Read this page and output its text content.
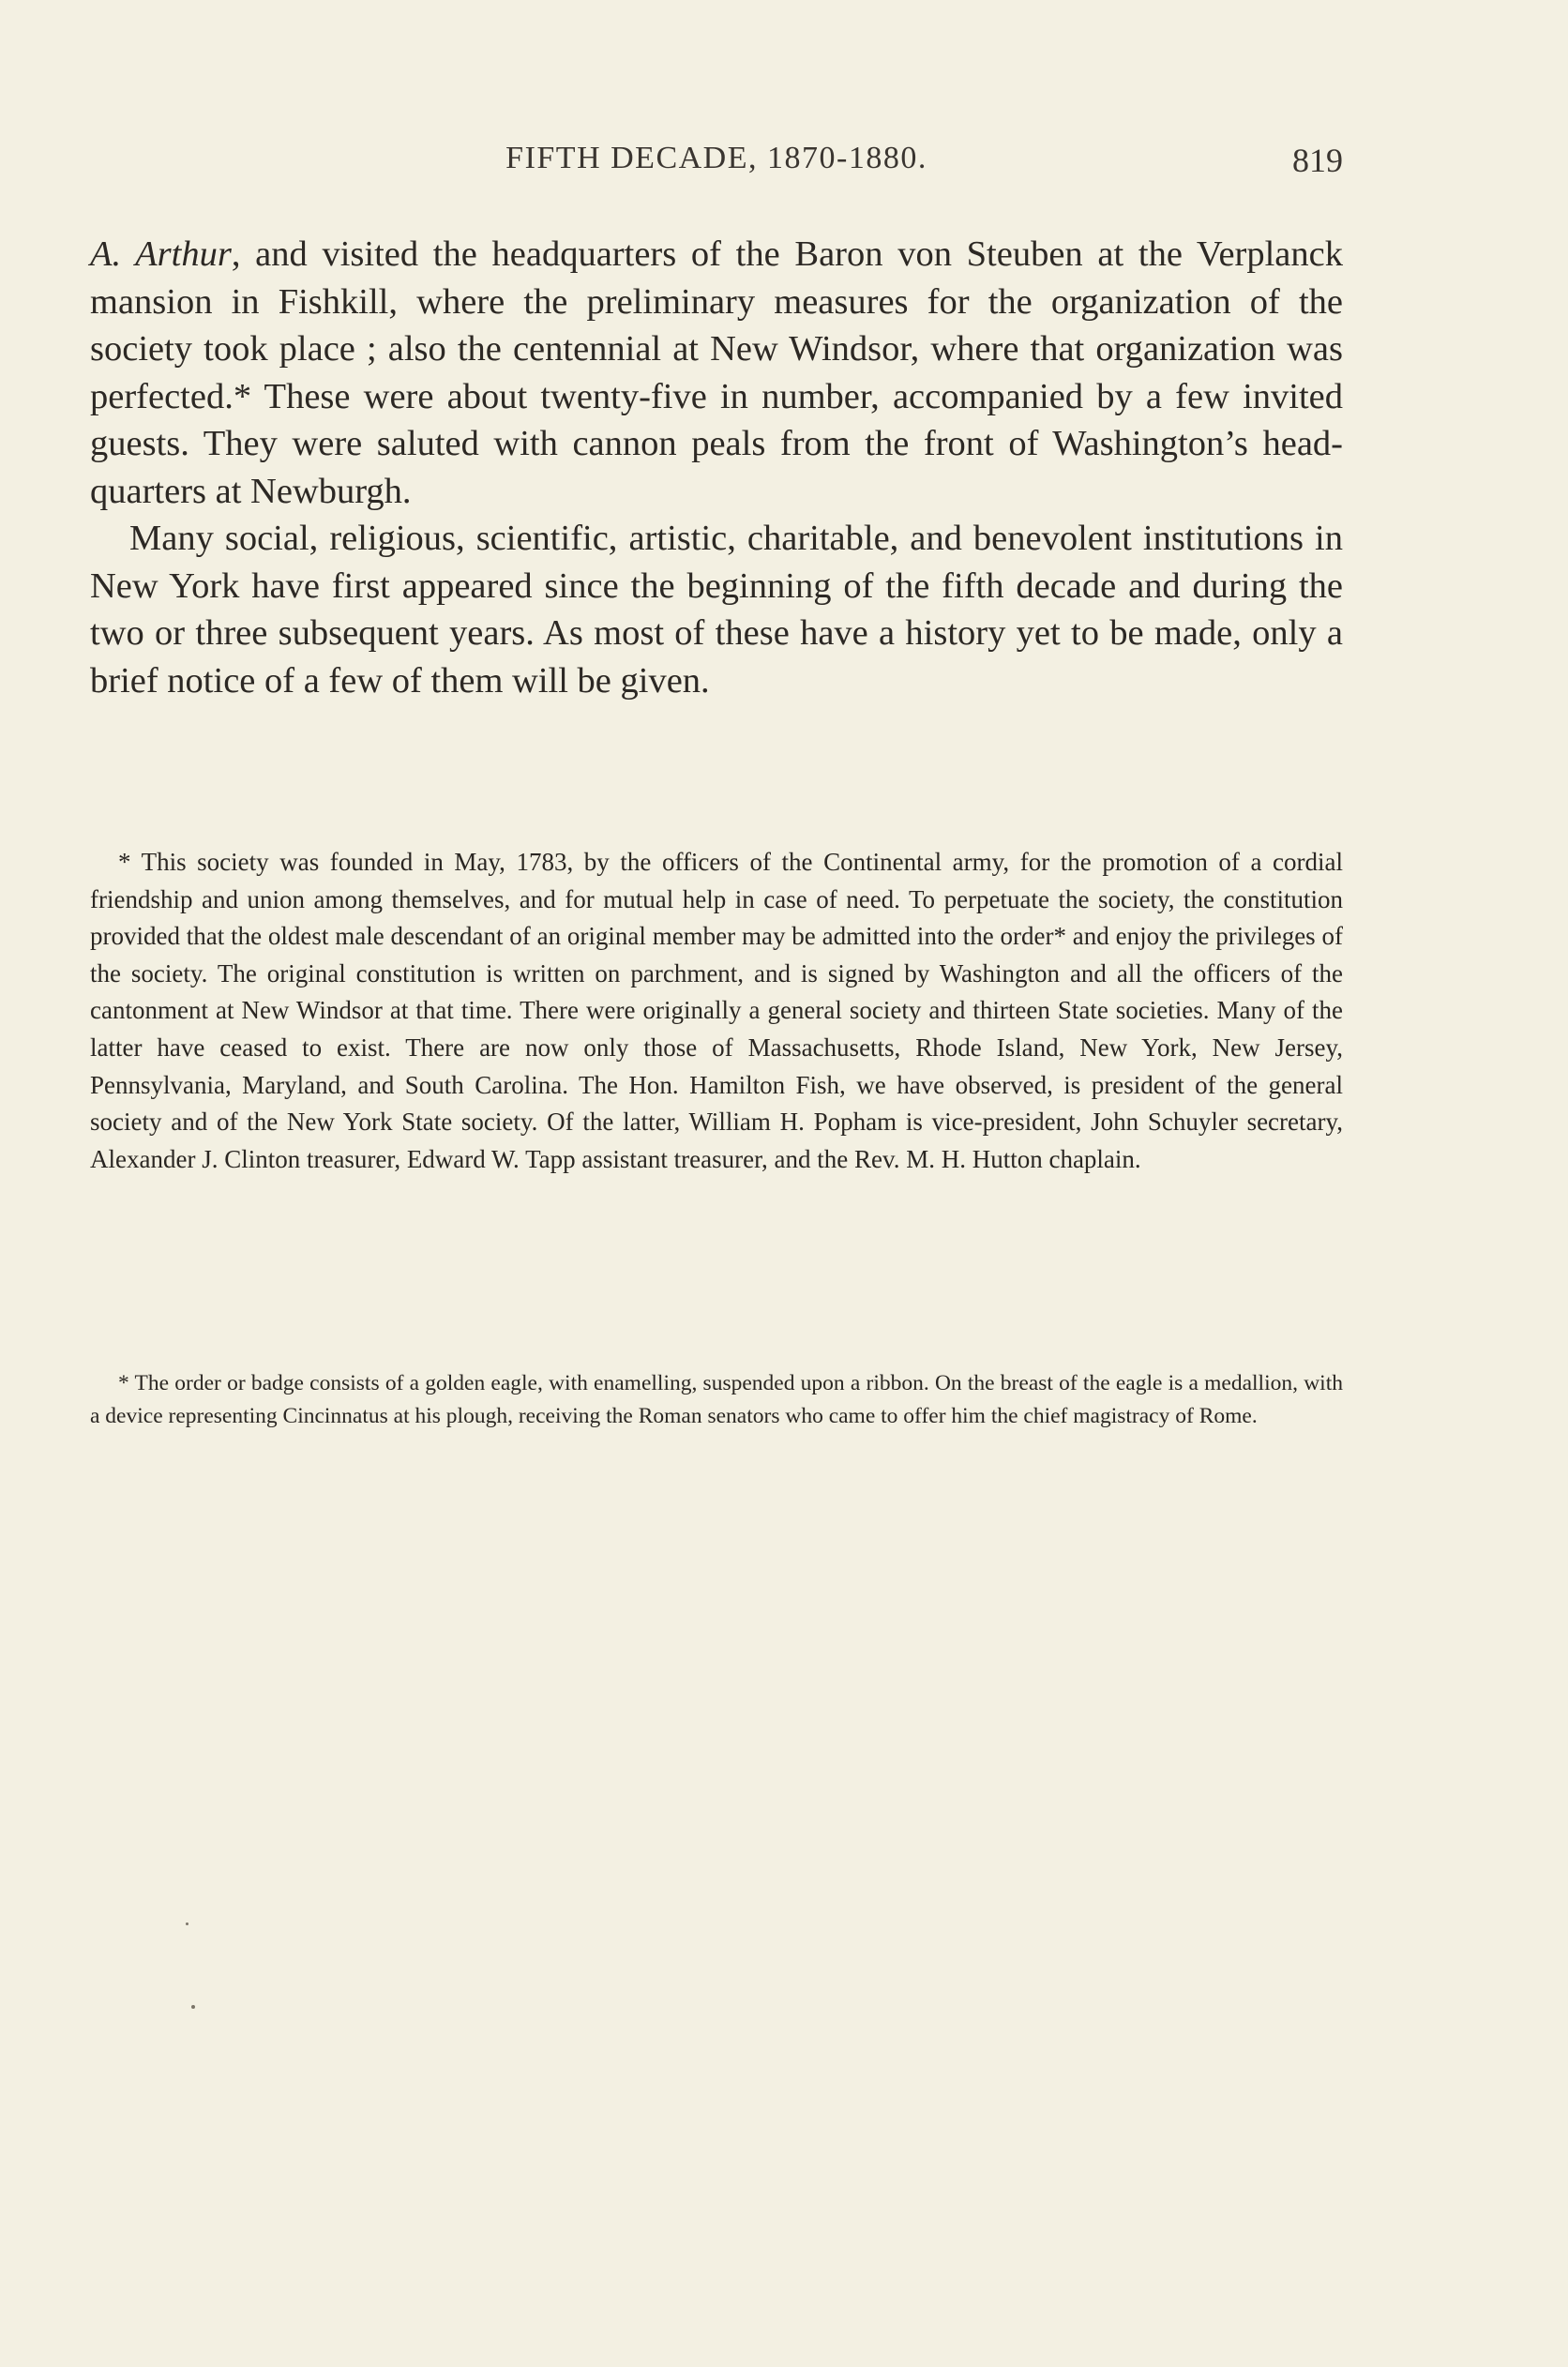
FIFTH DECADE, 1870-1880.	819

A. Arthur, and visited the headquarters of the Baron von Steuben at the Verplanck mansion in Fishkill, where the preliminary measures for the organization of the society took place ; also the centennial at New Windsor, where that organization was perfected.* These were about twenty-five in number, accompanied by a few invited guests. They were saluted with cannon peals from the front of Washington’s head-quarters at Newburgh.

Many social, religious, scientific, artistic, charitable, and benevolent institutions in New York have first appeared since the beginning of the fifth decade and during the two or three subsequent years. As most of these have a history yet to be made, only a brief notice of a few of them will be given.

* This society was founded in May, 1783, by the officers of the Continental army, for the promotion of a cordial friendship and union among themselves, and for mutual help in case of need. To perpetuate the society, the constitution provided that the oldest male descendant of an original member may be admitted into the order* and enjoy the privileges of the society. The original constitution is written on parchment, and is signed by Washington and all the officers of the cantonment at New Windsor at that time. There were originally a general society and thirteen State societies. Many of the latter have ceased to exist. There are now only those of Massachusetts, Rhode Island, New York, New Jersey, Pennsylvania, Maryland, and South Carolina. The Hon. Hamilton Fish, we have observed, is president of the general society and of the New York State society. Of the latter, William H. Popham is vice-president, John Schuyler secretary, Alexander J. Clinton treasurer, Edward W. Tapp assistant treasurer, and the Rev. M. H. Hutton chaplain.

* The order or badge consists of a golden eagle, with enamelling, suspended upon a ribbon. On the breast of the eagle is a medallion, with a device representing Cincinnatus at his plough, receiving the Roman senators who came to offer him the chief magistracy of Rome.
